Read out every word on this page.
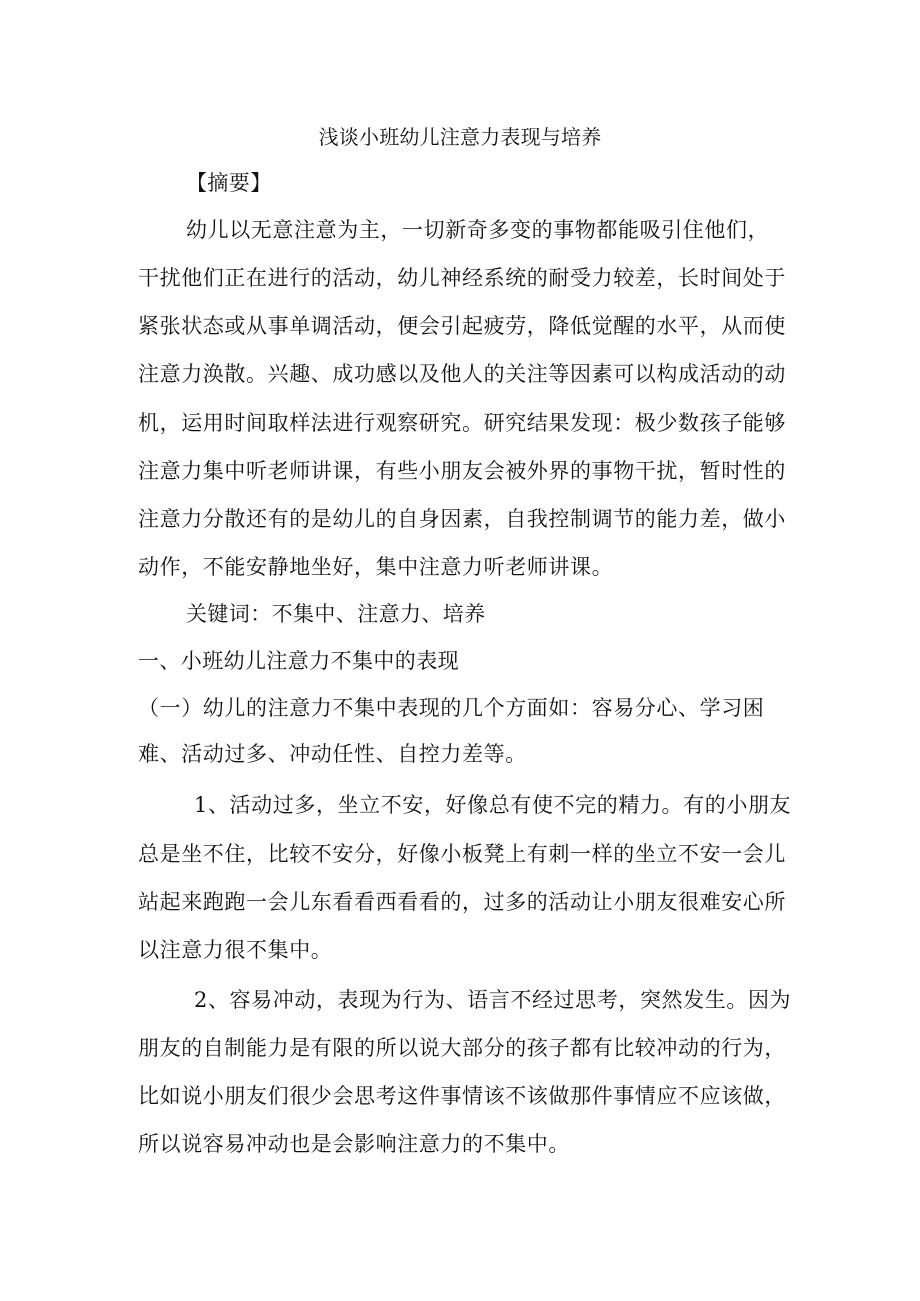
浅谈小班幼儿注意力表现与培养
【摘要】
幼儿以无意注意为主，一切新奇多变的事物都能吸引住他们，
干扰他们正在进行的活动，幼儿神经系统的耐受力较差，长时间处于
紧张状态或从事单调活动，便会引起疲劳，降低觉醒的水平，从而使
注意力涣散。兴趣、成功感以及他人的关注等因素可以构成活动的动
机，运用时间取样法进行观察研究。研究结果发现：极少数孩子能够
注意力集中听老师讲课，有些小朋友会被外界的事物干扰，暂时性的
注意力分散还有的是幼儿的自身因素，自我控制调节的能力差，做小
动作，不能安静地坐好，集中注意力听老师讲课。
关键词：不集中、注意力、培养
一、小班幼儿注意力不集中的表现
（一）幼儿的注意力不集中表现的几个方面如：容易分心、学习困
难、活动过多、冲动任性、自控力差等。
1、活动过多，坐立不安，好像总有使不完的精力。有的小朋友
总是坐不住，比较不安分，好像小板凳上有刺一样的坐立不安一会儿
站起来跑跑一会儿东看看西看看的，过多的活动让小朋友很难安心所
以注意力很不集中。
2、容易冲动，表现为行为、语言不经过思考，突然发生。因为
朋友的自制能力是有限的所以说大部分的孩子都有比较冲动的行为，
比如说小朋友们很少会思考这件事情该不该做那件事情应不应该做，
所以说容易冲动也是会影响注意力的不集中。
